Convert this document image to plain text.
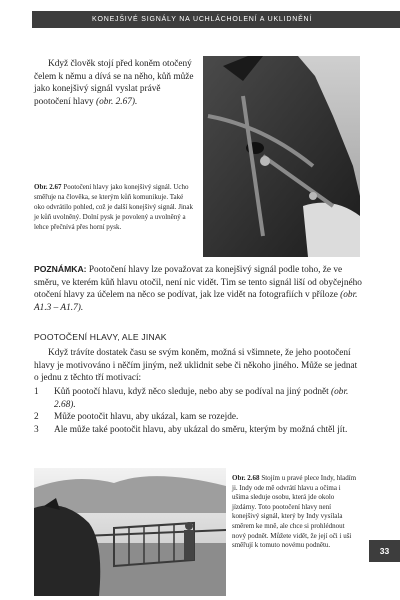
KONEJŠIVÉ SIGNÁLY NA UCHLÁCHOLENÍ A UKLIDNĚNÍ

Když člověk stojí před koněm otočený čelem k němu a dívá se na něho, kůň může jako konejšivý signál vyslat právě pootočení hlavy (obr. 2.67).

Obr. 2.67 Pootočení hlavy jako konejšivý signál. Ucho směřuje na člověka, se kterým kůň komunikuje. Také oko odvrátilo pohled, což je další konejšivý signál. Jinak je kůň uvolněný. Dolní pysk je povolený a uvolněný a lehce přečnívá přes horní pysk.

POZNÁMKA: Pootočení hlavy lze považovat za konejšivý signál podle toho, že ve směru, ve kterém kůň hlavu otočil, není nic vidět. Tim se tento signál liší od obyčejného otočení hlavy za účelem na něco se podívat, jak lze vidět na fotografiích v příloze (obr. A1.3 – A1.7).

POOTOČENÍ HLAVY, ALE JINAK

Když trávíte dostatek času se svým koněm, možná si všimnete, že jeho pootočení hlavy je motivováno i něčím jiným, než uklidnit sebe či někoho jiného. Může se jednat o jednu z těchto tří motivací:

1 Kůň pootočí hlavu, když něco sleduje, nebo aby se podíval na jiný podnět (obr. 2.68).
2 Může pootočit hlavu, aby ukázal, kam se rozejde.
3 Ale může také pootočit hlavu, aby ukázal do směru, kterým by možná chtěl jít.

Obr. 2.68 Stojím u pravé plece Indy, hladím ji. Indy ode mě odvrátí hlavu a očima i ušima sleduje osobu, která jde okolo jízdárny. Toto pootočení hlavy není konejšivý signál, který by Indy vysílala směrem ke mně, ale chce si prohlédnout nový podnět. Můžete vidět, že její oči i uši směřují k tomuto novému podnětu.

33
